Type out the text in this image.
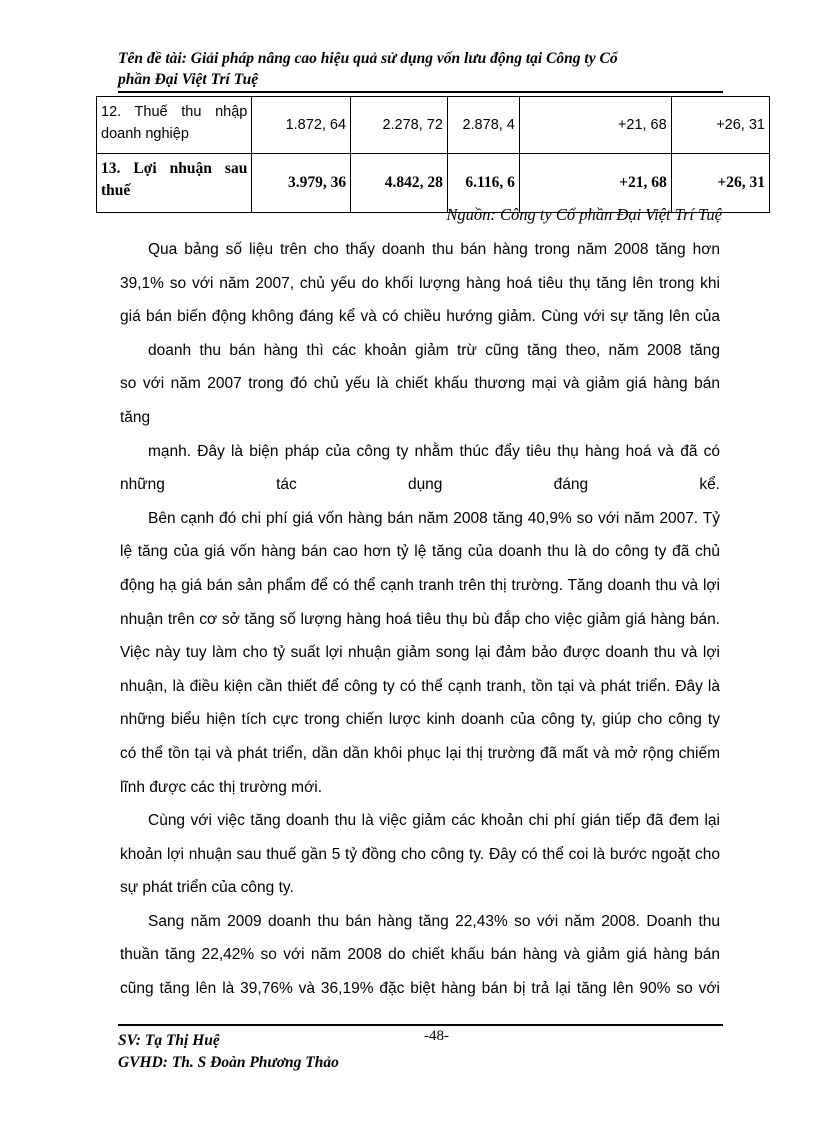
Tên đề tài: Giải pháp nâng cao hiệu quả sử dụng vốn lưu động tại Công ty Cổ
phần Đại Việt Trí Tuệ
12. Thuế thu nhập
doanh nghiệp	1.872, 64	2.278, 72	2.878, 4	+21, 68	+26, 31

13. Lợi nhuận sau
thuế	3.979, 36	4.842, 28	6.116, 6	+21, 68	+26, 31
Nguồn: Công ty Cổ phần Đại Việt Trí Tuệ
Qua bảng số liệu trên cho thấy doanh thu bán hàng trong năm 2008 tăng hơn
39,1% so với năm 2007, chủ yếu do khối lượng hàng hoá tiêu thụ tăng lên trong khi
giá bán biến động không đáng kể và có chiều hướng giảm. Cùng với sự tăng lên của
doanh thu bán hàng thì các khoản giảm trừ cũng tăng theo, năm 2008 tăng
so với năm 2007 trong đó chủ yếu là chiết khấu thương mại và giảm giá hàng bán
tăng
mạnh. Đây là biện pháp của công ty nhằm thúc đẩy tiêu thụ hàng hoá và đã có
những tác dụng đáng kể.
Bên cạnh đó chi phí giá vốn hàng bán năm 2008 tăng 40,9% so với năm 2007. Tỷ
lệ tăng của giá vốn hàng bán cao hơn tỷ lệ tăng của doanh thu là do công ty đã chủ
động hạ giá bán sản phẩm để có thể cạnh tranh trên thị trường. Tăng doanh thu và lợi
nhuận trên cơ sở tăng số lượng hàng hoá tiêu thụ bù đắp cho việc giảm giá hàng bán.
Việc này tuy làm cho tỷ suất lợi nhuận giảm song lại đảm bảo được doanh thu và lợi
nhuận, là điều kiện cần thiết để công ty có thể cạnh tranh, tồn tại và phát triển. Đây là
những biểu hiện tích cực trong chiến lược kinh doanh của công ty, giúp cho công ty
có thể tồn tại và phát triển, dần dần khôi phục lại thị trường đã mất và mở rộng chiếm
lĩnh được các thị trường mới.
Cùng với việc tăng doanh thu là việc giảm các khoản chi phí gián tiếp đã đem lại
khoản lợi nhuận sau thuế gần 5 tỷ đồng cho công ty. Đây có thể coi là bước ngoặt cho
sự phát triển của công ty.
Sang năm 2009 doanh thu bán hàng tăng 22,43% so với năm 2008. Doanh thu
thuần tăng 22,42% so với năm 2008 do chiết khấu bán hàng và giảm giá hàng bán
cũng tăng lên là 39,76% và 36,19% đặc biệt hàng bán bị trả lại tăng lên 90% so với
-48-
SV: Tạ Thị Huệ
GVHD: Th. S Đoàn Phương Thảo
